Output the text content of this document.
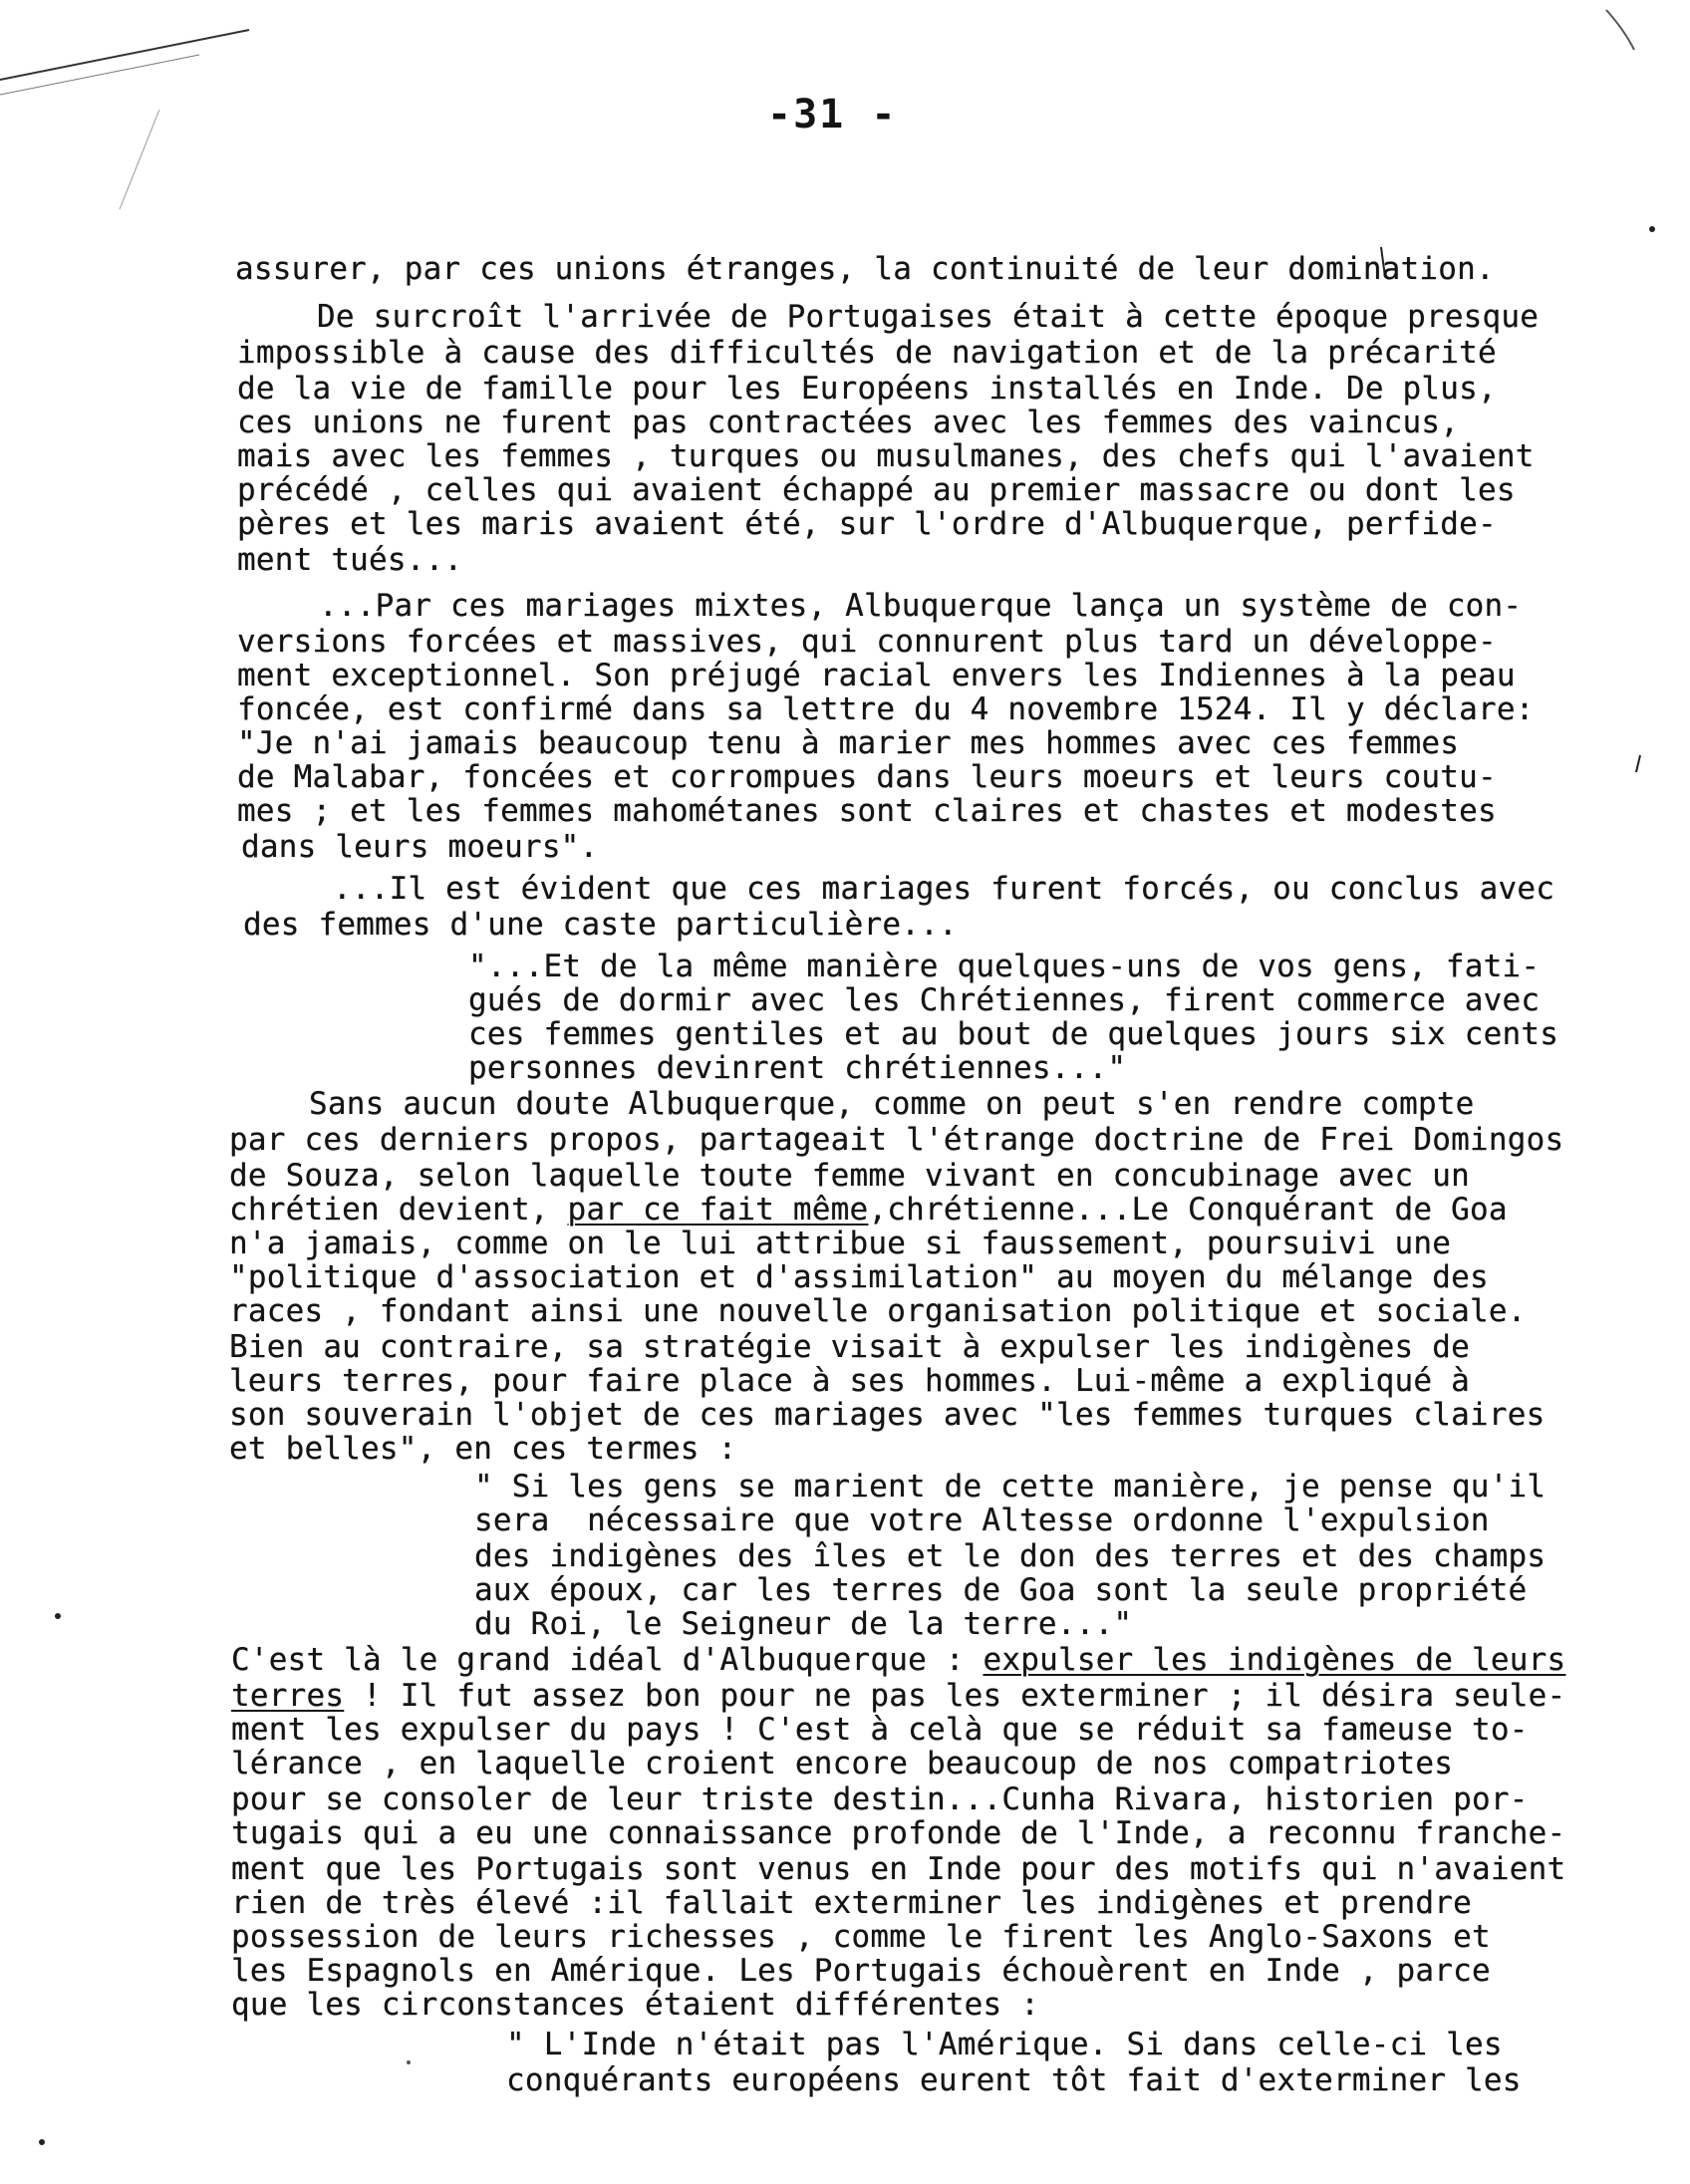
-31 -
assurer, par ces unions étranges, la continuité de leur domination.
De surcroît l'arrivée de Portugaises était à cette époque presque
impossible à cause des difficultés de navigation et de la précarité
de la vie de famille pour les Européens installés en Inde. De plus,
ces unions ne furent pas contractées avec les femmes des vaincus,
mais avec les femmes , turques ou musulmanes, des chefs qui l'avaient
précédé , celles qui avaient échappé au premier massacre ou dont les
pères et les maris avaient été, sur l'ordre d'Albuquerque, perfide-
ment tués...
...Par ces mariages mixtes, Albuquerque lança un système de con-
versions forcées et massives, qui connurent plus tard un développe-
ment exceptionnel. Son préjugé racial envers les Indiennes à la peau
foncée, est confirmé dans sa lettre du 4 novembre 1524. Il y déclare:
"Je n'ai jamais beaucoup tenu à marier mes hommes avec ces femmes
de Malabar, foncées et corrompues dans leurs moeurs et leurs coutu-
mes ; et les femmes mahométanes sont claires et chastes et modestes
dans leurs moeurs".
...Il est évident que ces mariages furent forcés, ou conclus avec
des femmes d'une caste particulière...
"...Et de la même manière quelques-uns de vos gens, fati-
gués de dormir avec les Chrétiennes, firent commerce avec
ces femmes gentiles et au bout de quelques jours six cents
personnes devinrent chrétiennes..."
Sans aucun doute Albuquerque, comme on peut s'en rendre compte
par ces derniers propos, partageait l'étrange doctrine de Frei Domingos
de Souza, selon laquelle toute femme vivant en concubinage avec un
chrétien devient, par ce fait même,chrétienne...Le Conquérant de Goa
n'a jamais, comme on le lui attribue si faussement, poursuivi une
"politique d'association et d'assimilation" au moyen du mélange des
races , fondant ainsi une nouvelle organisation politique et sociale.
Bien au contraire, sa stratégie visait à expulser les indigènes de
leurs terres, pour faire place à ses hommes. Lui-même a expliqué à
son souverain l'objet de ces mariages avec "les femmes turques claires
et belles", en ces termes :
" Si les gens se marient de cette manière, je pense qu'il
sera  nécessaire que votre Altesse ordonne l'expulsion
des indigènes des îles et le don des terres et des champs
aux époux, car les terres de Goa sont la seule propriété
du Roi, le Seigneur de la terre..."
C'est là le grand idéal d'Albuquerque : expulser les indigènes de leurs
terres ! Il fut assez bon pour ne pas les exterminer ; il désira seule-
ment les expulser du pays ! C'est à celà que se réduit sa fameuse to-
lérance , en laquelle croient encore beaucoup de nos compatriotes
pour se consoler de leur triste destin...Cunha Rivara, historien por-
tugais qui a eu une connaissance profonde de l'Inde, a reconnu franche-
ment que les Portugais sont venus en Inde pour des motifs qui n'avaient
rien de très élevé :il fallait exterminer les indigènes et prendre
possession de leurs richesses , comme le firent les Anglo-Saxons et
les Espagnols en Amérique. Les Portugais échouèrent en Inde , parce
que les circonstances étaient différentes :
" L'Inde n'était pas l'Amérique. Si dans celle-ci les
conquérants européens eurent tôt fait d'exterminer les
